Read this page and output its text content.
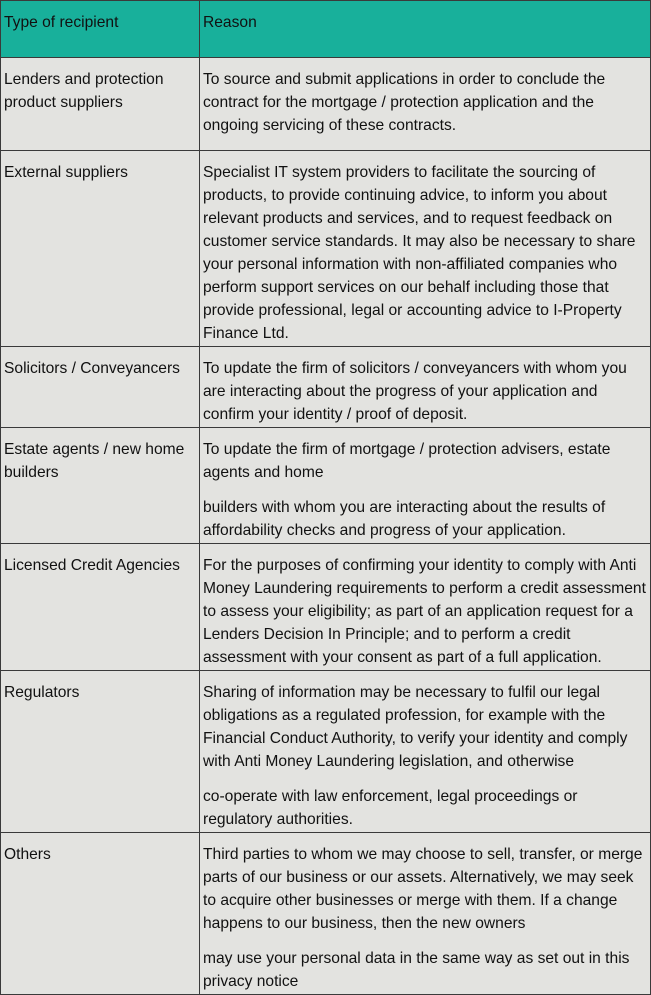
Type of recipient	Reason
Lenders and protection product suppliers	To source and submit applications in order to conclude the contract for the mortgage / protection application and the ongoing servicing of these contracts.

External suppliers	Specialist IT system providers to facilitate the sourcing of products, to provide continuing advice, to inform you about relevant products and services, and to request feedback on customer service standards. It may also be necessary to share your personal information with non-affiliated companies who perform support services on our behalf including those that provide professional, legal or accounting advice to I-Property Finance Ltd.

Solicitors / Conveyancers	To update the firm of solicitors / conveyancers with whom you are interacting about the progress of your application and confirm your identity / proof of deposit.

Estate agents / new home builders	To update the firm of mortgage / protection advisers, estate agents and home

builders with whom you are interacting about the results of affordability checks and progress of your application.

Licensed Credit Agencies	For the purposes of confirming your identity to comply with Anti Money Laundering requirements to perform a credit assessment to assess your eligibility; as part of an application request for a Lenders Decision In Principle; and to perform a credit assessment with your consent as part of a full application.

Regulators	Sharing of information may be necessary to fulfil our legal obligations as a regulated profession, for example with the Financial Conduct Authority, to verify your identity and comply with Anti Money Laundering legislation, and otherwise

co-operate with law enforcement, legal proceedings or regulatory authorities.

Others	Third parties to whom we may choose to sell, transfer, or merge parts of our business or our assets. Alternatively, we may seek to acquire other businesses or merge with them. If a change happens to our business, then the new owners

may use your personal data in the same way as set out in this privacy notice
